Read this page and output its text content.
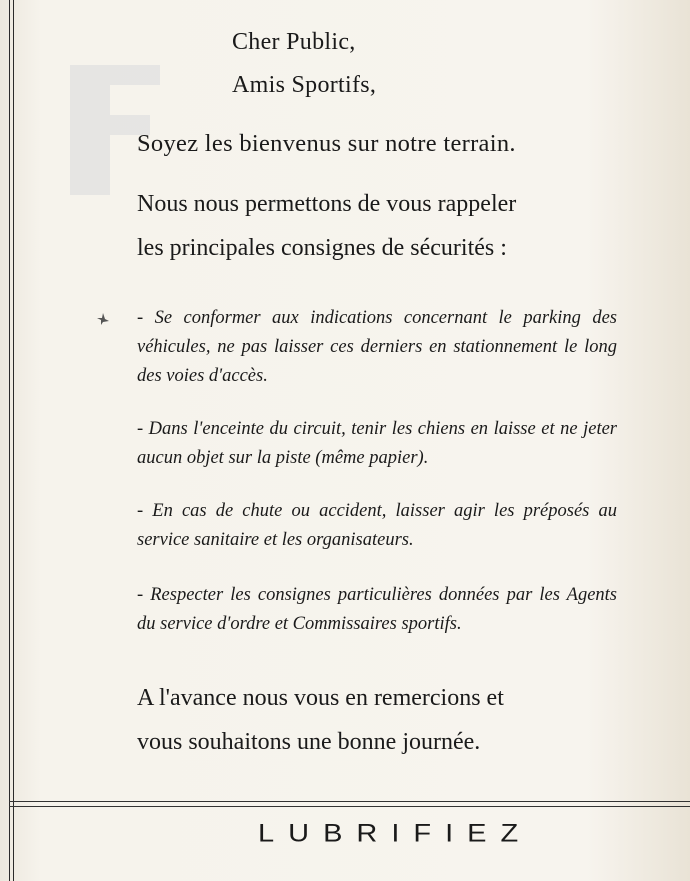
Cher Public,
Amis Sportifs,
Soyez les bienvenus sur notre terrain.
Nous nous permettons de vous rappeler
les principales consignes de sécurités :
- Se conformer aux indications concernant le parking des véhicules, ne pas laisser ces derniers en stationnement le long des voies d'accès.
- Dans l'enceinte du circuit, tenir les chiens en laisse et ne jeter aucun objet sur la piste (même papier).
- En cas de chute ou accident, laisser agir les préposés au service sanitaire et les organisateurs.
- Respecter les consignes particulières données par les Agents du service d'ordre et Commissaires sportifs.
A l'avance nous vous en remercions et
vous souhaitons une bonne journée.
LUBRIFIEZ
